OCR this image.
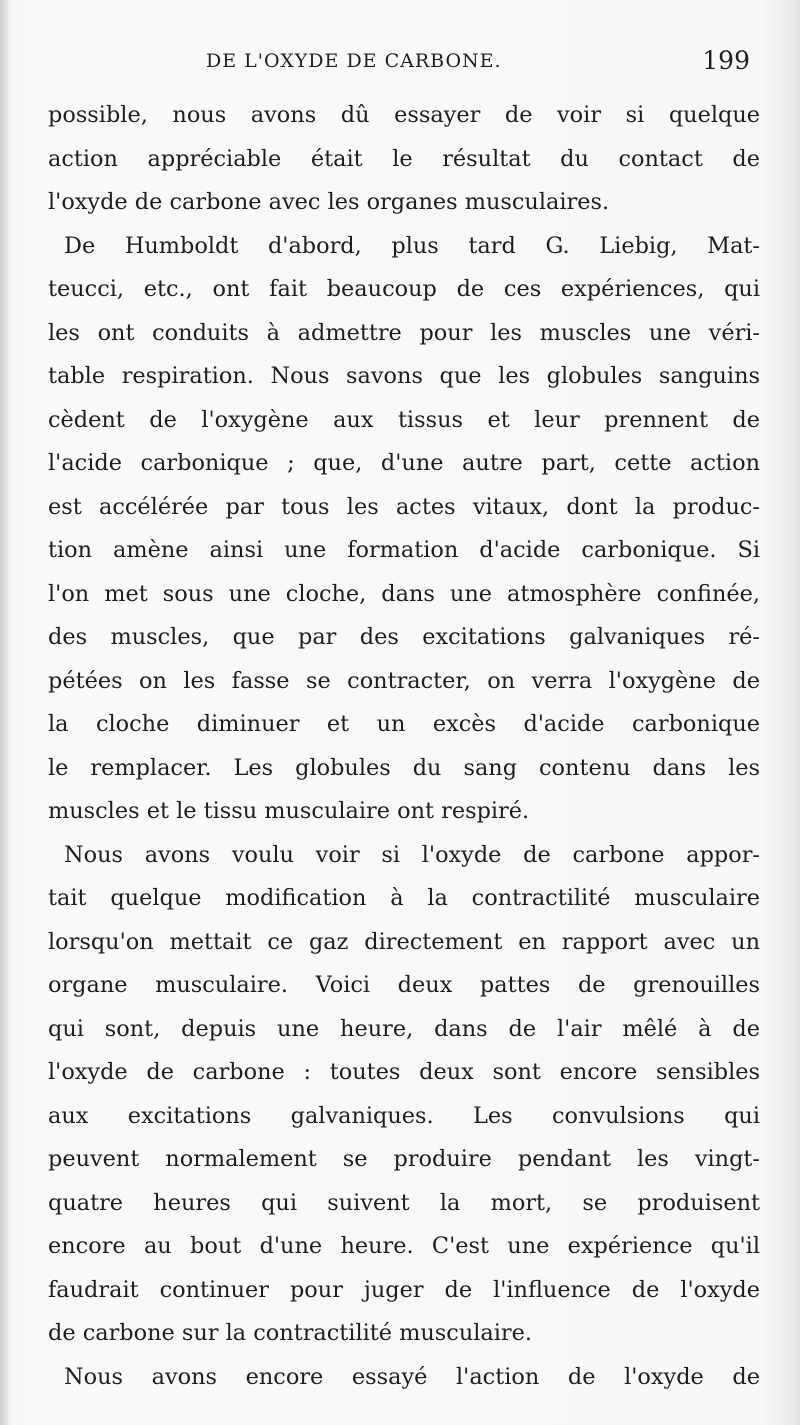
DE L'OXYDE DE CARBONE.	199
possible, nous avons dû essayer de voir si quelque
action appréciable était le résultat du contact de
l'oxyde de carbone avec les organes musculaires.
De Humboldt d'abord, plus tard G. Liebig, Mat-
teucci, etc., ont fait beaucoup de ces expériences, qui
les ont conduits à admettre pour les muscles une véri-
table respiration. Nous savons que les globules sanguins
cèdent de l'oxygène aux tissus et leur prennent de
l'acide carbonique ; que, d'une autre part, cette action
est accélérée par tous les actes vitaux, dont la produc-
tion amène ainsi une formation d'acide carbonique. Si
l'on met sous une cloche, dans une atmosphère confinée,
des muscles, que par des excitations galvaniques ré-
pétées on les fasse se contracter, on verra l'oxygène de
la cloche diminuer et un excès d'acide carbonique
le remplacer. Les globules du sang contenu dans les
muscles et le tissu musculaire ont respiré.
Nous avons voulu voir si l'oxyde de carbone appor-
tait quelque modification à la contractilité musculaire
lorsqu'on mettait ce gaz directement en rapport avec un
organe musculaire. Voici deux pattes de grenouilles
qui sont, depuis une heure, dans de l'air mêlé à de
l'oxyde de carbone : toutes deux sont encore sensibles
aux excitations galvaniques. Les convulsions qui
peuvent normalement se produire pendant les vingt-
quatre heures qui suivent la mort, se produisent
encore au bout d'une heure. C'est une expérience qu'il
faudrait continuer pour juger de l'influence de l'oxyde
de carbone sur la contractilité musculaire.
Nous avons encore essayé l'action de l'oxyde de
